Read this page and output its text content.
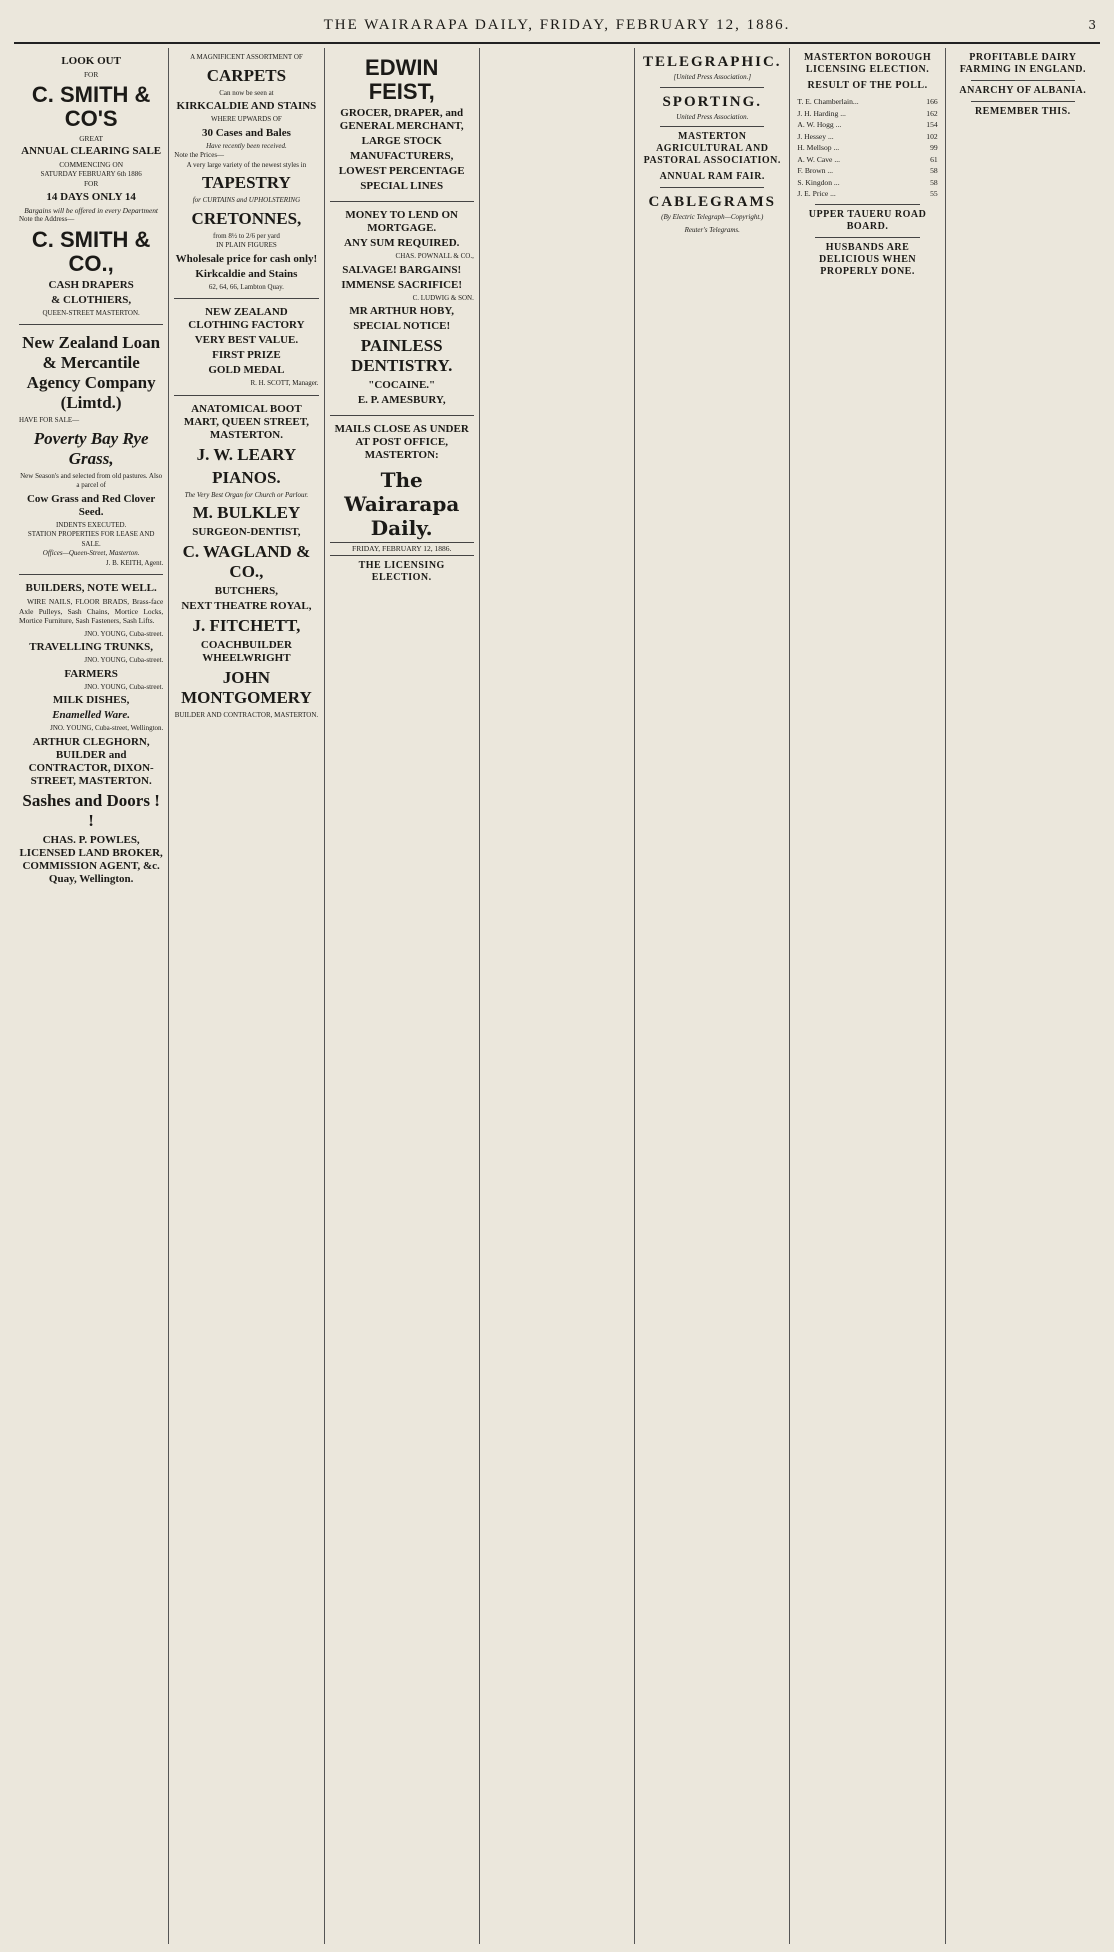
THE WAIRARAPA DAILY, FRIDAY, FEBRUARY 12, 1886.	3
LOOK OUT
FOR
C. SMITH & CO'S
GREAT
ANNUAL CLEARING SALE
COMMENCING ON
SATURDAY FEBRUARY 6th 1886
FOR
14 DAYS ONLY 14
Bargains will be offered in every Department
Note the Address—
C. SMITH & CO.,
CASH DRAPERS
& CLOTHIERS,
QUEEN-STREET MASTERTON.
New Zealand Loan & Mercantile Agency Company (Limtd.)
HAVE FOR SALE—
Poverty Bay Rye Grass,
New Season's and selected from old pastures. Also a parcel of
Cow Grass and Red Clover Seed.
INDENTS EXECUTED.
STATION PROPERTIES FOR LEASE AND SALE.
Offices—Queen-Street, Masterton.
J. B. KEITH, Agent.
BUILDERS, NOTE WELL.

WIRE NAILS, FLOOR BRADS, Brass-face Axle Pulleys, Sash Chains, Mortice Locks, Mortice Furniture, Sash Fasteners, Sash Lifts.

JNO. YOUNG, Cuba-street.
TRAVELLING TRUNKS,
JNO. YOUNG, Cuba-street.
FARMERS
JNO. YOUNG, Cuba-street.
MILK DISHES,
Enamelled Ware.
JNO. YOUNG, Cuba-street, Wellington.
ARTHUR CLEGHORN, BUILDER and CONTRACTOR, DIXON-STREET, MASTERTON.
Sashes and Doors ! !
CHAS. P. POWLES, LICENSED LAND BROKER, COMMISSION AGENT, &c. Quay, Wellington.
A MAGNIFICENT ASSORTMENT OF
CARPETS
Can now be seen at
KIRKCALDIE AND STAINS
WHERE UPWARDS OF
30 Cases and Bales
Have recently been received.
Note the Prices—
A very large variety of the newest styles in
TAPESTRY
for CURTAINS and UPHOLSTERING
CRETONNES,
from 8½ to 2/6 per yard
IN PLAIN FIGURES
Wholesale price for cash only!
Kirkcaldie and Stains
62, 64, 66, Lambton Quay.
NEW ZEALAND CLOTHING FACTORY
VERY BEST VALUE.
FIRST PRIZE
GOLD MEDAL
R. H. SCOTT, Manager.
ANATOMICAL BOOT MART, QUEEN STREET, MASTERTON.
J. W. LEARY
PIANOS.
The Very Best Organ for Church or Parlour.
M. BULKLEY
SURGEON-DENTIST,
C. WAGLAND & CO.,
BUTCHERS,
NEXT THEATRE ROYAL,
J. FITCHETT,
COACHBUILDER WHEELWRIGHT
JOHN MONTGOMERY
BUILDER AND CONTRACTOR, MASTERTON.
EDWIN FEIST,
GROCER, DRAPER, and GENERAL MERCHANT,
LARGE STOCK
MANUFACTURERS,
LOWEST PERCENTAGE
SPECIAL LINES
MONEY TO LEND ON MORTGAGE.
ANY SUM REQUIRED.
CHAS. POWNALL & CO.,
SALVAGE! BARGAINS!
IMMENSE SACRIFICE!
C. LUDWIG & SON.
MR ARTHUR HOBY,
SPECIAL NOTICE!
PAINLESS DENTISTRY.
"COCAINE."
E. P. AMESBURY,
MAILS CLOSE AS UNDER AT POST OFFICE, MASTERTON:
The Wairarapa Daily.
FRIDAY, FEBRUARY 12, 1886.
THE LICENSING ELECTION.
TELEGRAPHIC.
[United Press Association.]
SPORTING.
United Press Association.
MASTERTON AGRICULTURAL AND PASTORAL ASSOCIATION.
ANNUAL RAM FAIR.
CABLEGRAMS
(By Electric Telegraph—Copyright.)
Reuter's Telegrams.
MASTERTON BOROUGH LICENSING ELECTION.
RESULT OF THE POLL.
T. E. Chamberlain...	166
J. H. Harding ...	162
A. W. Hogg ...	154
J. Hessey ...	102
H. Mellsop ...	99
A. W. Cave ...	61
F. Brown ...	58
S. Kingdon ...	58
J. E. Price ...	55
UPPER TAUERU ROAD BOARD.
HUSBANDS ARE DELICIOUS WHEN PROPERLY DONE.
PROFITABLE DAIRY FARMING IN ENGLAND.
ANARCHY OF ALBANIA.
REMEMBER THIS.
